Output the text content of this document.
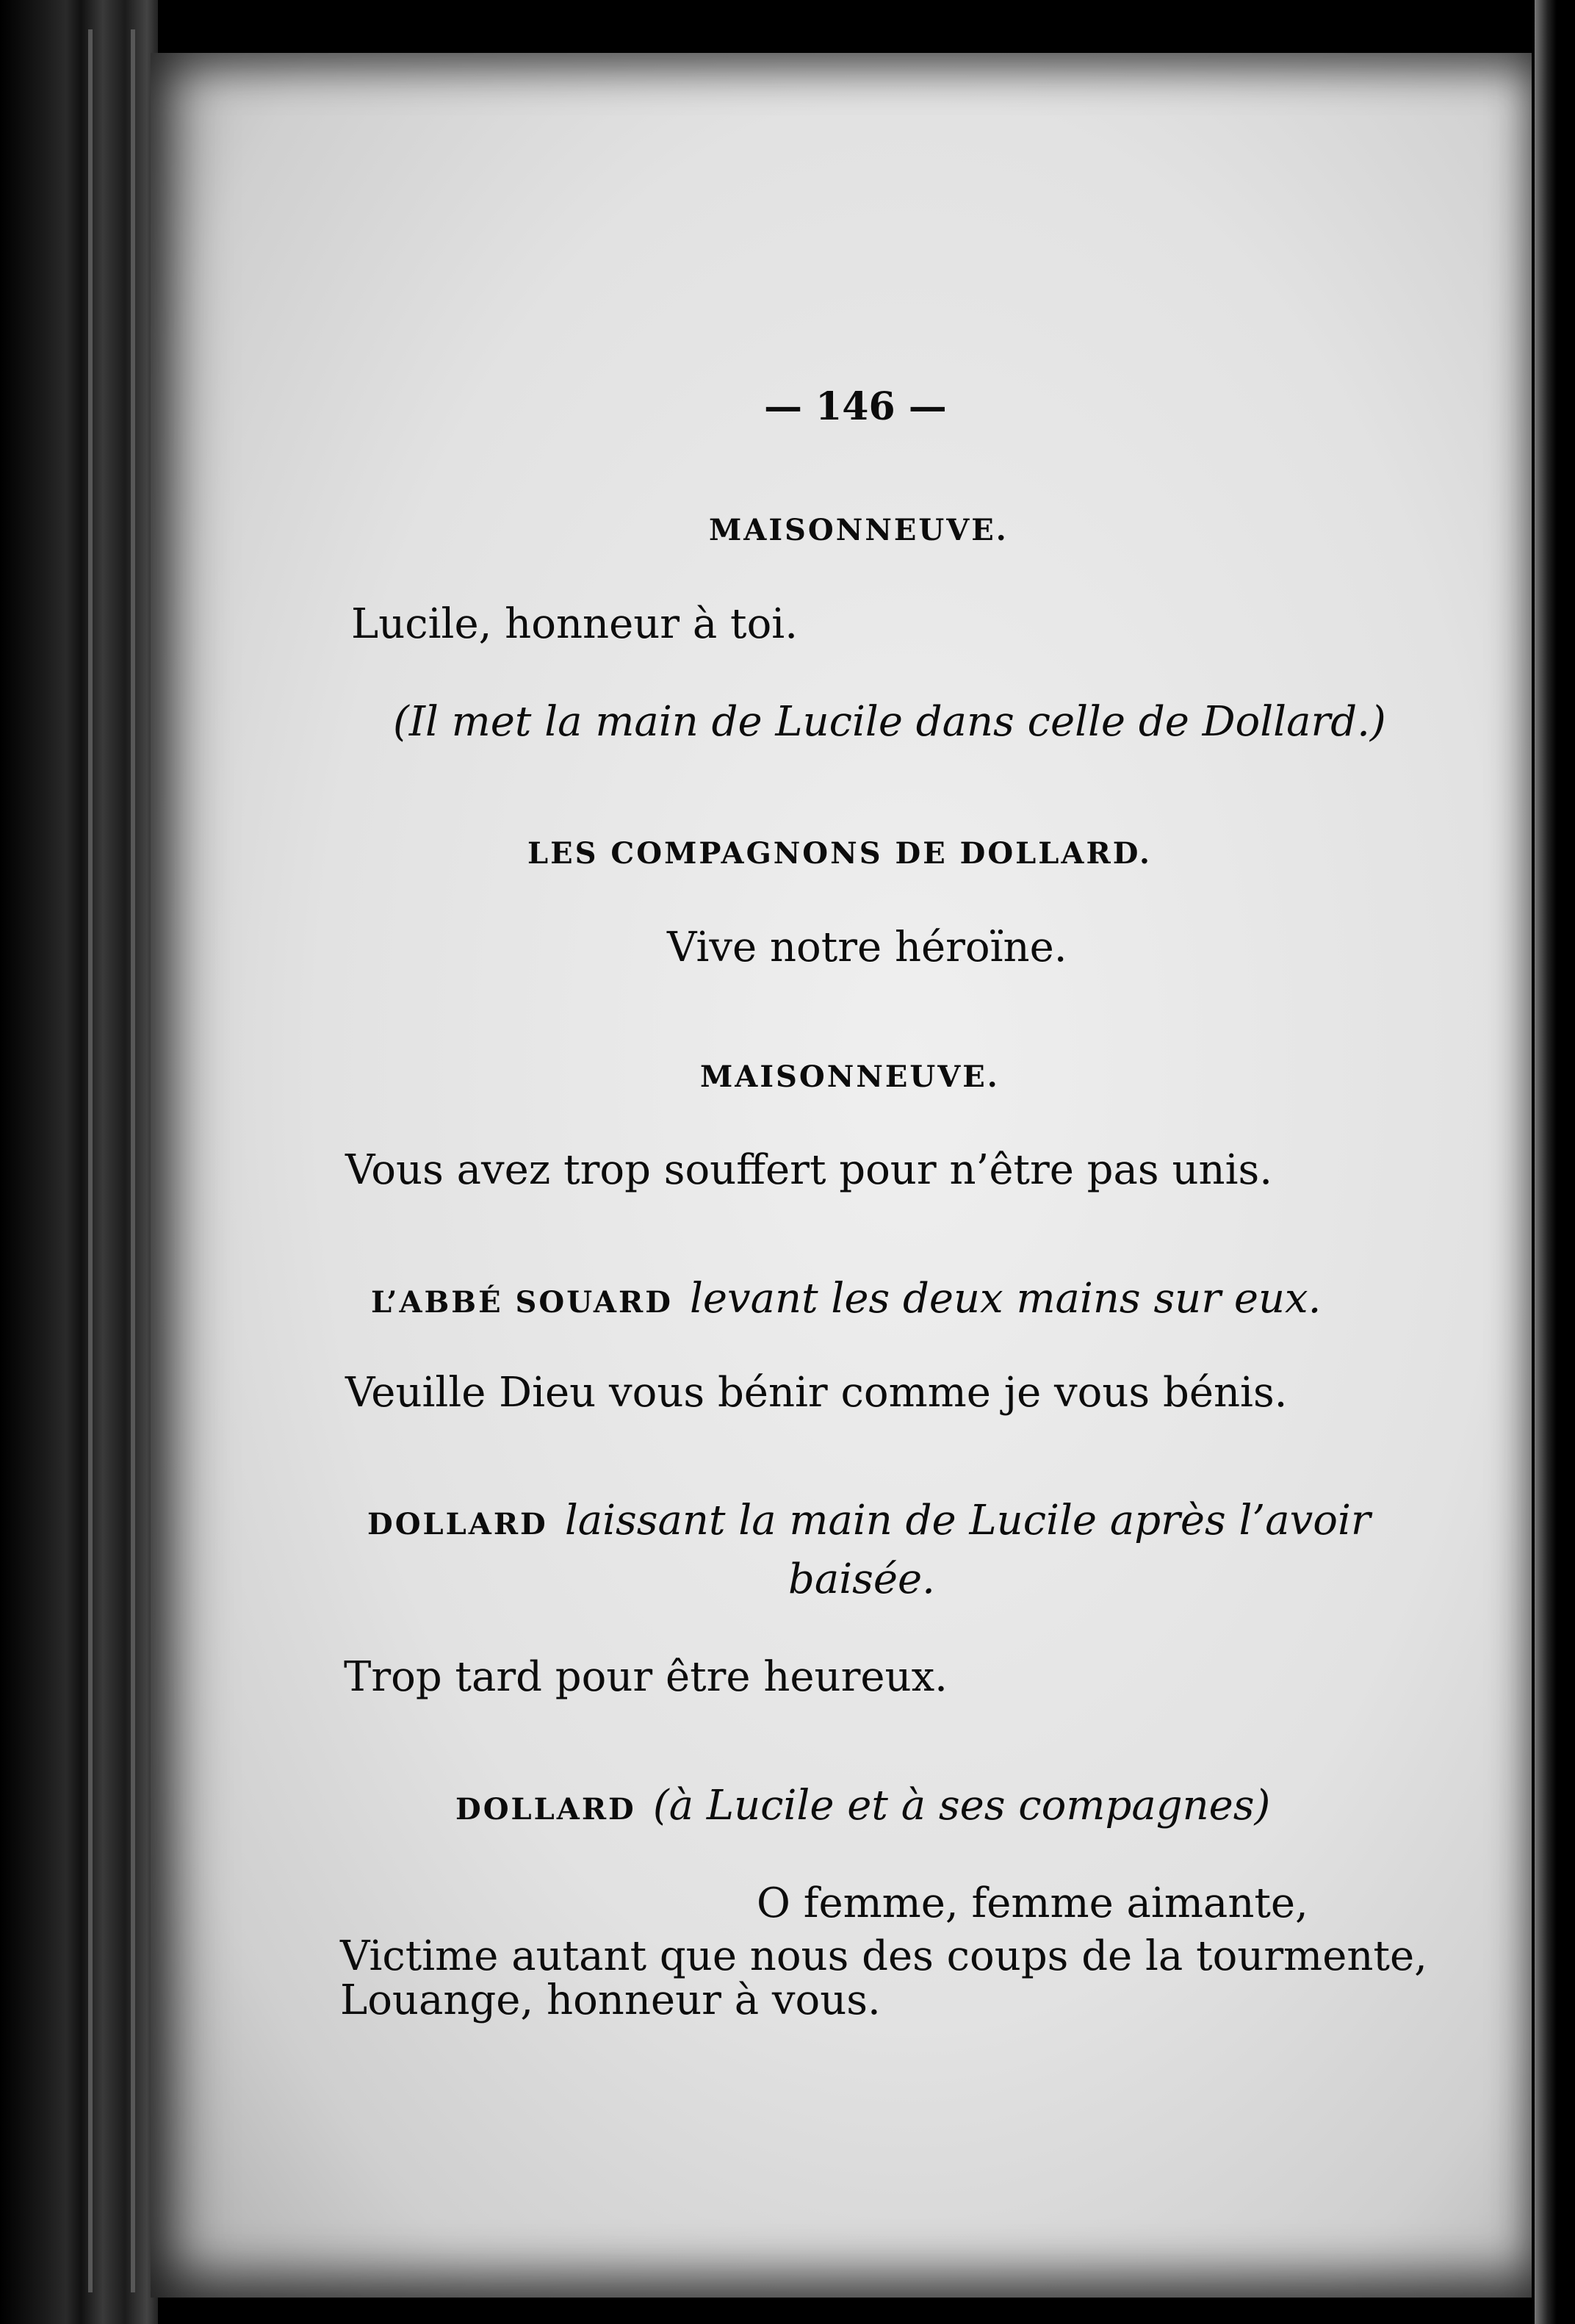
— 146 —
MAISONNEUVE.
Lucile, honneur à toi.
(Il met la main de Lucile dans celle de Dollard.)
LES COMPAGNONS DE DOLLARD.
Vive notre héroïne.
MAISONNEUVE.
Vous avez trop souffert pour n’être pas unis.
L’ABBÉ SOUARD levant les deux mains sur eux.
Veuille Dieu vous bénir comme je vous bénis.
DOLLARD laissant la main de Lucile après l’avoir
baisée.
Trop tard pour être heureux.
DOLLARD (à Lucile et à ses compagnes)
O femme, femme aimante,
Victime autant que nous des coups de la tourmente,
Louange, honneur à vous.
